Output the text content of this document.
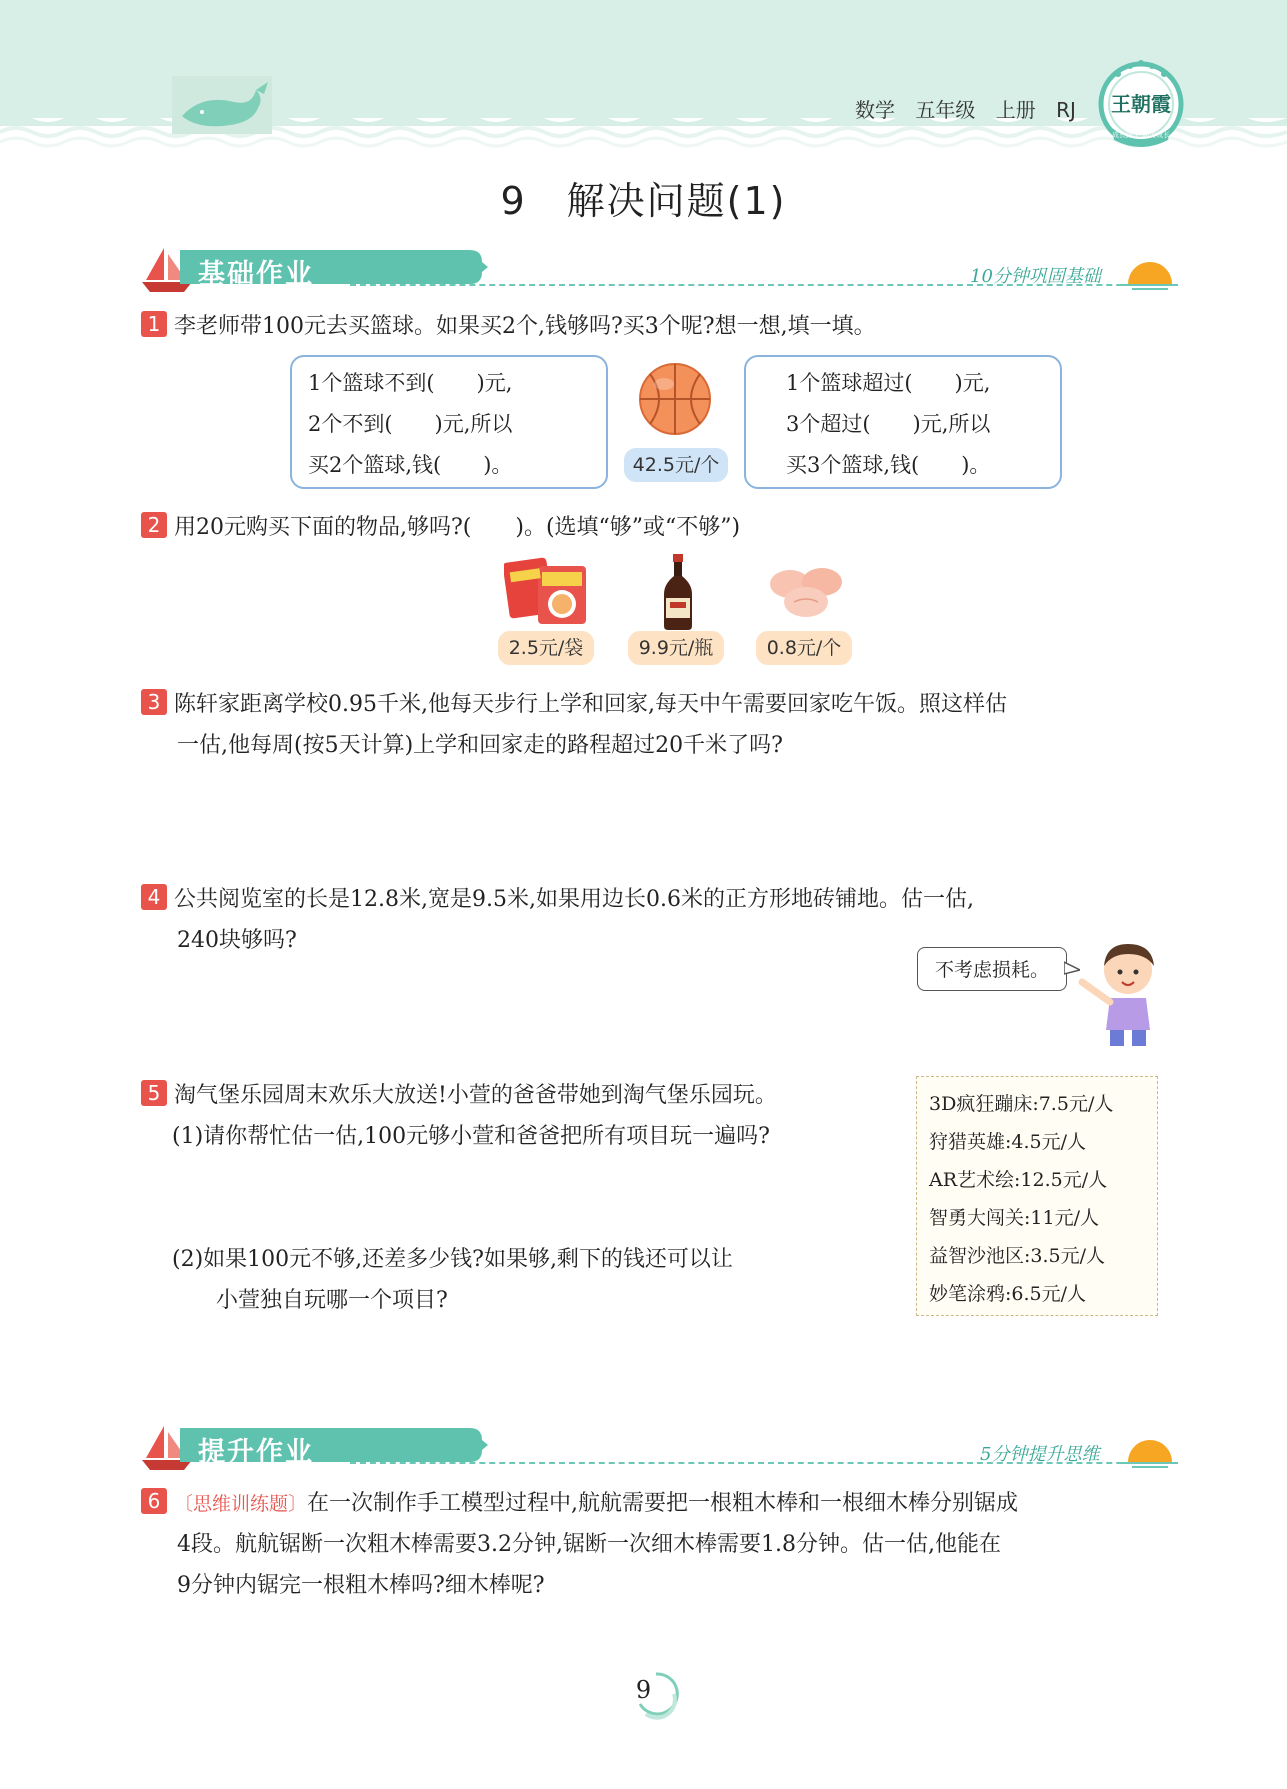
数学 五年级 上册 RJ	王朝霞
成长路上 助力成长
9　解决问题(1)
基础作业	10分钟巩固基础
1 李老师带100元去买篮球。如果买2个,钱够吗?买3个呢?想一想,填一填。
1个篮球不到(　　)元,
2个不到(　　)元,所以
买2个篮球,钱(　　)。	42.5元/个
1个篮球超过(　　)元,
3个超过(　　)元,所以
买3个篮球,钱(　　)。
2 用20元购买下面的物品,够吗?(　　)。(选填“够”或“不够”)
2.5元/袋	9.9元/瓶	0.8元/个
3 陈轩家距离学校0.95千米,他每天步行上学和回家,每天中午需要回家吃午饭。照这样估
一估,他每周(按5天计算)上学和回家走的路程超过20千米了吗?
4 公共阅览室的长是12.8米,宽是9.5米,如果用边长0.6米的正方形地砖铺地。估一估,
240块够吗?
不考虑损耗。
5 淘气堡乐园周末欢乐大放送!小萱的爸爸带她到淘气堡乐园玩。
(1)请你帮忙估一估,100元够小萱和爸爸把所有项目玩一遍吗?
(2)如果100元不够,还差多少钱?如果够,剩下的钱还可以让
小萱独自玩哪一个项目?
3D疯狂蹦床:7.5元/人
狩猎英雄:4.5元/人
AR艺术绘:12.5元/人
智勇大闯关:11元/人
益智沙池区:3.5元/人
妙笔涂鸦:6.5元/人
提升作业	5分钟提升思维
6 〔思维训练题〕在一次制作手工模型过程中,航航需要把一根粗木棒和一根细木棒分别锯成
4段。航航锯断一次粗木棒需要3.2分钟,锯断一次细木棒需要1.8分钟。估一估,他能在
9分钟内锯完一根粗木棒吗?细木棒呢?
9
